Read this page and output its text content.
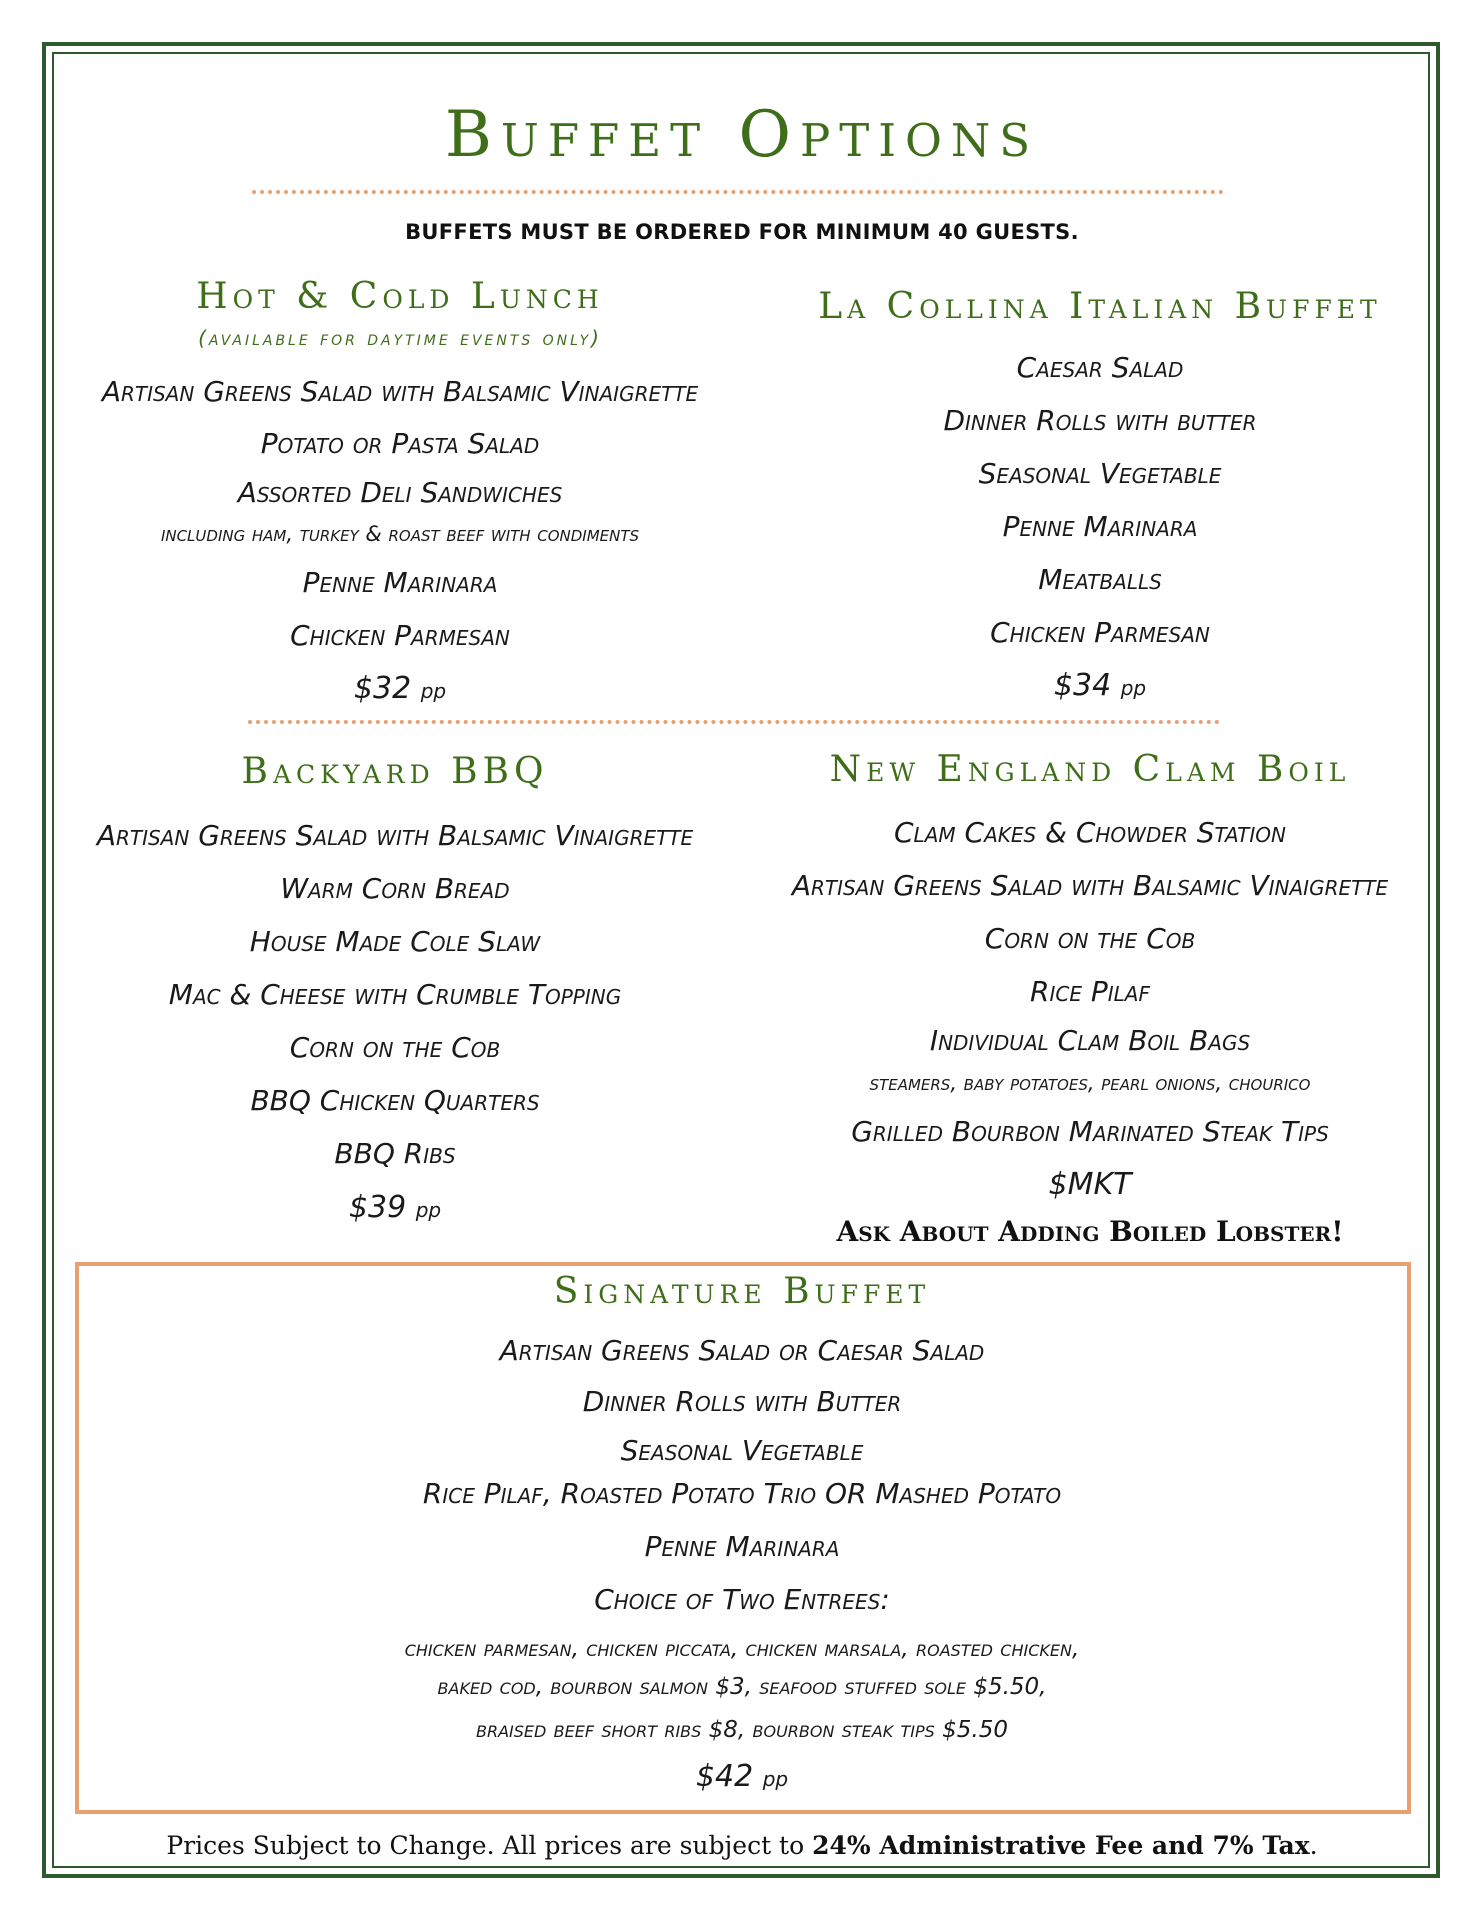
Buffet Options
BUFFETS MUST BE ORDERED FOR MINIMUM 40 GUESTS.
Hot & Cold Lunch
(available for daytime events only)
Artisan Greens Salad with Balsamic Vinaigrette
Potato or Pasta Salad
Assorted Deli Sandwiches
including ham, turkey & roast beef with condiments
Penne Marinara
Chicken Parmesan
$32 pp
La Collina Italian Buffet
Caesar Salad
Dinner Rolls with butter
Seasonal Vegetable
Penne Marinara
Meatballs
Chicken Parmesan
$34 pp
Backyard BBQ
Artisan Greens Salad with Balsamic Vinaigrette
Warm Corn Bread
House Made Cole Slaw
Mac & Cheese with Crumble Topping
Corn on the Cob
BBQ Chicken Quarters
BBQ Ribs
$39 pp
New England Clam Boil
Clam Cakes & Chowder Station
Artisan Greens Salad with Balsamic Vinaigrette
Corn on the Cob
Rice Pilaf
Individual Clam Boil Bags
steamers, baby potatoes, pearl onions, chourico
Grilled Bourbon Marinated Steak Tips
$MKT
Ask About Adding Boiled Lobster!
Signature Buffet
Artisan Greens Salad or Caesar Salad
Dinner Rolls with Butter
Seasonal Vegetable
Rice Pilaf, Roasted Potato Trio OR Mashed Potato
Penne Marinara
Choice of Two Entrees:
chicken parmesan, chicken piccata, chicken marsala, roasted chicken,
baked cod, bourbon salmon $3, seafood stuffed sole $5.50,
braised beef short ribs $8, bourbon steak tips $5.50
$42 pp
Prices Subject to Change. All prices are subject to 24% Administrative Fee and 7% Tax.
